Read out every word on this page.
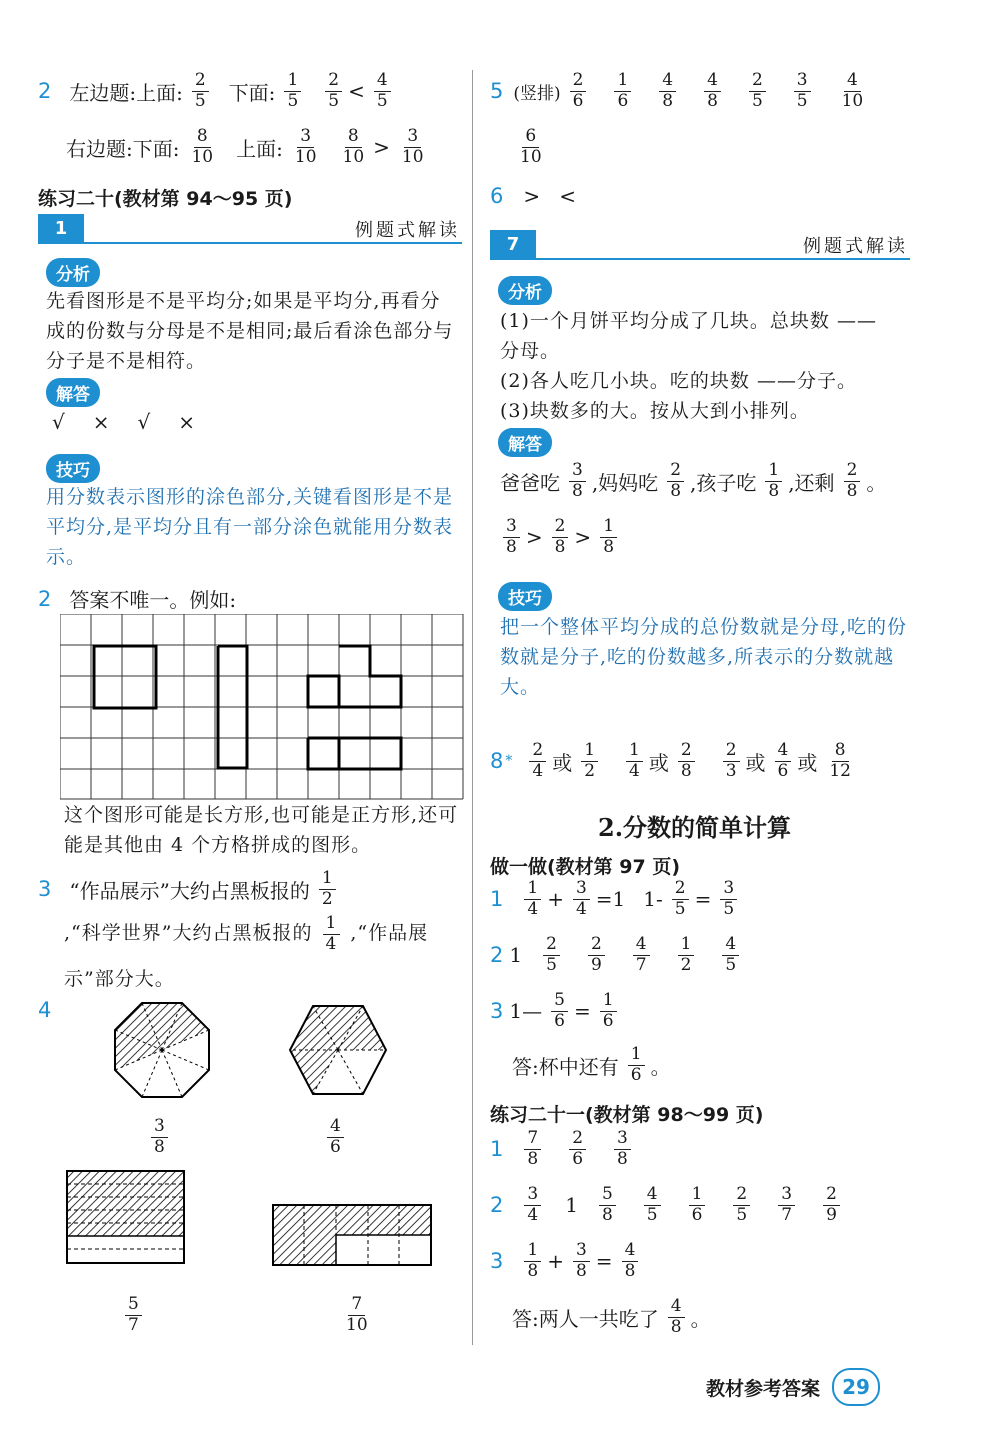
2 左边题:上面: $\frac{2}{5}$ 下面: $\frac{1}{5} \frac{2}{5} < \frac{4}{5}$
右边题:下面: $\frac{8}{10}$ 上面: $\frac{3}{10} \frac{8}{10} > \frac{3}{10}$
练习二十(教材第 94～95 页)
1	例题式解读
分析
先看图形是不是平均分;如果是平均分,再看分成的份数与分母是不是相同;最后看涂色部分与分子是不是相符。
解答
√ × √ ×
技巧
用分数表示图形的涂色部分,关键看图形是不是平均分,是平均分且有一部分涂色就能用分数表示。
2 答案不唯一。例如:
这个图形可能是长方形,也可能是正方形,还可能是其他由 4 个方格拼成的图形。
3 “作品展示”大约占黑板报的 $\frac{1}{2}$
,“科学世界”大约占黑板报的 $\frac{1}{4}$ ,“作品展示”部分大。
4
$\frac{3}{8}$	$\frac{4}{6}$
$\frac{5}{7}$	$\frac{7}{10}$
5 (竖排) $\frac{2}{6} \frac{1}{6} \frac{4}{8} \frac{4}{8} \frac{2}{5} \frac{3}{5} \frac{4}{10}$
$\frac{6}{10}$
6 >   <
7	例题式解读
分析
(1)一个月饼平均分成了几块。总块数 ——
分母。
(2)各人吃几小块。吃的块数 ——分子。
(3)块数多的大。按从大到小排列。
解答
爸爸吃 $\frac{3}{8}$ ,妈妈吃 $\frac{2}{8}$ ,孩子吃 $\frac{1}{8}$ ,还剩 $\frac{2}{8}$ 。
$\frac{3}{8} > \frac{2}{8} > \frac{1}{8}$
技巧
把一个整体平均分成的总份数就是分母,吃的份数就是分子,吃的份数越多,所表示的分数就越大。
$8 * \frac{2}{4}$ 或 $\frac{1}{2} \frac{1}{4}$ 或 $\frac{2}{8} \frac{2}{3}$ 或 $\frac{4}{6}$ 或 $\frac{8}{12}$
2.分数的简单计算
做一做(教材第 97 页)
$1 \frac{1}{4} + \frac{3}{4} =1$ $1- \frac{2}{5} = \frac{3}{5}$
2 $1 \frac{2}{5} \frac{2}{9} \frac{4}{7} \frac{1}{2} \frac{4}{5}$
3 1— $\frac{5}{6} = \frac{1}{6}$
答:杯中还有 $\frac{1}{6}$ 。
练习二十一(教材第 98～99 页)
$1 \frac{7}{8} \frac{2}{6} \frac{3}{8}$
$2 \frac{3}{4} 1 \frac{5}{8} \frac{4}{5} \frac{1}{6} \frac{2}{5} \frac{3}{7} \frac{2}{9}$
$3 \frac{1}{8} + \frac{3}{8} = \frac{4}{8}$
答:两人一共吃了 $\frac{4}{8}$ 。
教材参考答案	29
